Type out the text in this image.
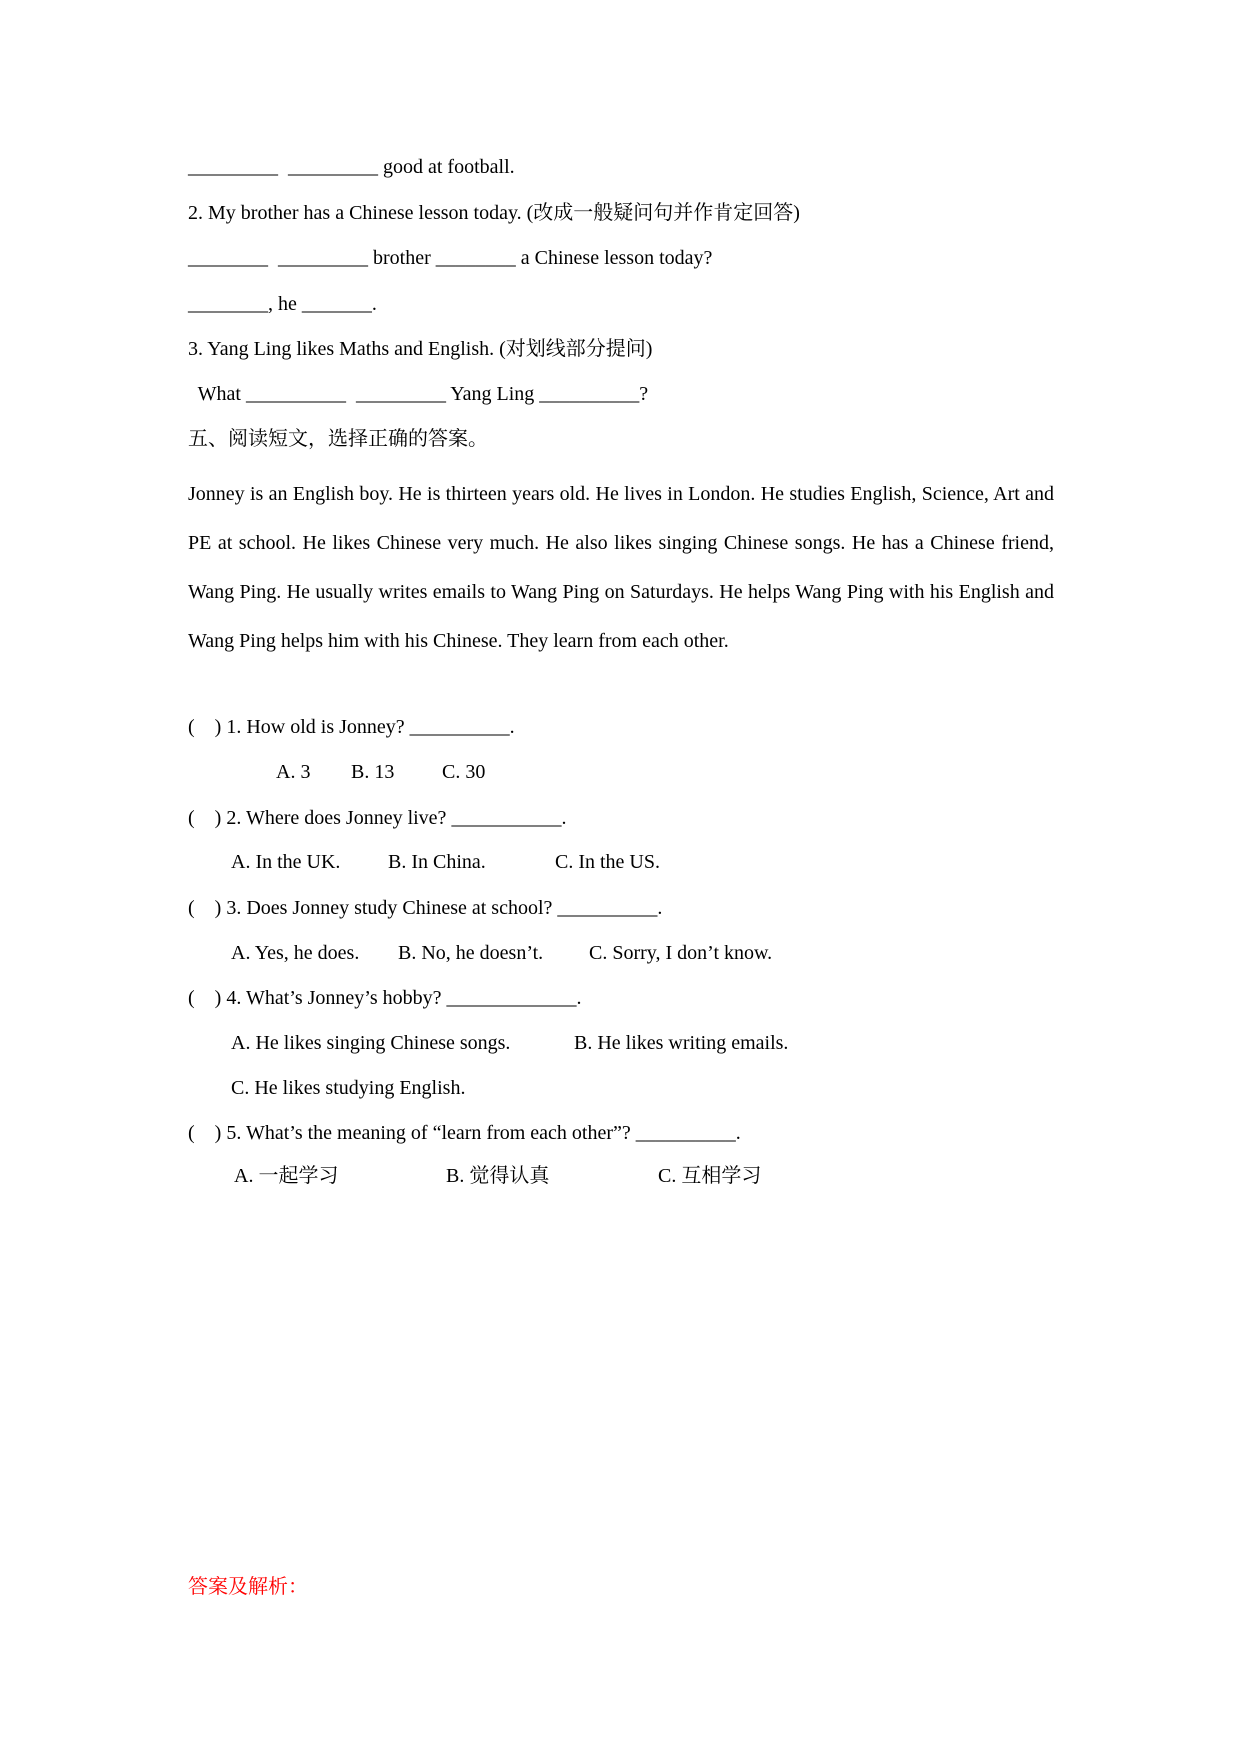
_________  _________ good at football.
2. My brother has a Chinese lesson today. (改成一般疑问句并作肯定回答)
________  _________ brother ________ a Chinese lesson today?
________, he _______.
3. Yang Ling likes Maths and English. (对划线部分提问)
What __________  _________ Yang Ling __________?
五、阅读短文，选择正确的答案。
Jonney is an English boy. He is thirteen years old. He lives in London. He studies English, Science, Art and PE at school. He likes Chinese very much. He also likes singing Chinese songs. He has a Chinese friend, Wang Ping. He usually writes emails to Wang Ping on Saturdays. He helps Wang Ping with his English and Wang Ping helps him with his Chinese. They learn from each other.
(    ) 1. How old is Jonney? __________.
A. 3 B. 13 C. 30
(    ) 2. Where does Jonney live? ___________.
A. In the UK. B. In China.	C. In the US.
(    ) 3. Does Jonney study Chinese at school? __________.
A. Yes, he does. B. No, he doesn’t. C. Sorry, I don’t know.
(    ) 4. What’s Jonney’s hobby? _____________.
A. He likes singing Chinese songs.	B. He likes writing emails.
C. He likes studying English.
(    ) 5. What’s the meaning of “learn from each other”? __________.
A. 一起学习	B. 觉得认真	C. 互相学习
答案及解析：
